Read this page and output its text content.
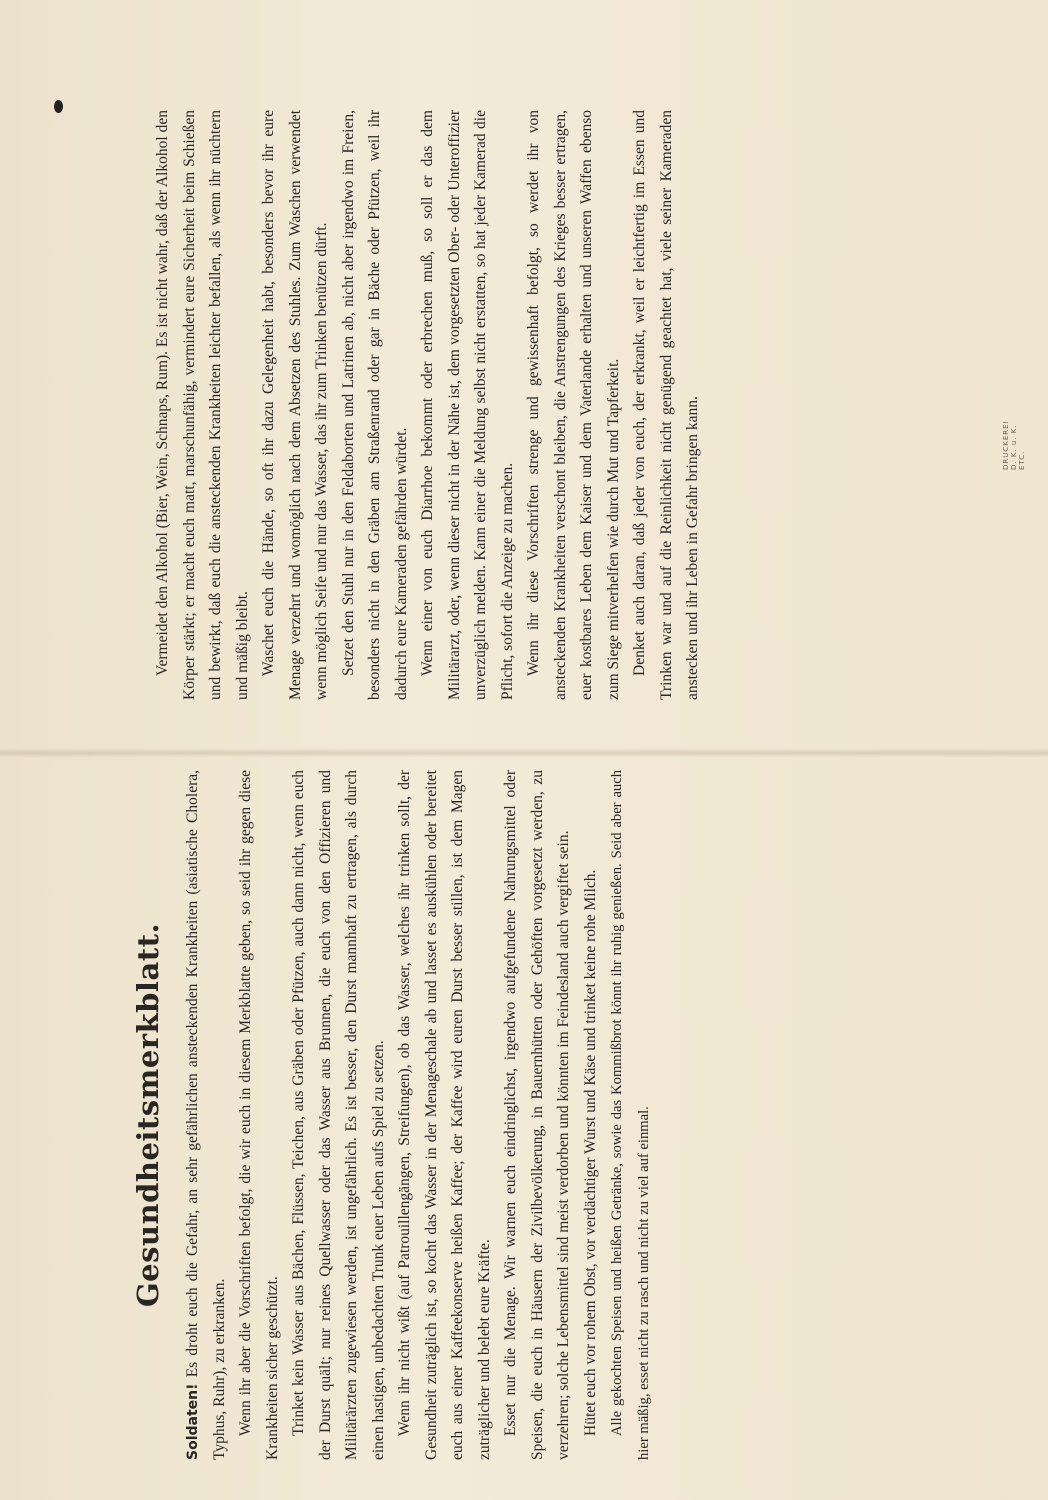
Vermeidet den Alkohol (Bier, Wein, Schnaps, Rum). Es ist nicht wahr, daß der Alkohol den Körper stärkt; er macht euch matt, marschunfähig, vermindert eure Sicherheit beim Schießen und bewirkt, daß euch die ansteckenden Krankheiten leichter befallen, als wenn ihr nüchtern und mäßig bleibt. Waschet euch die Hände, so oft ihr dazu Gelegenheit habt, besonders bevor ihr eure Menage verzehrt und womöglich nach dem Absetzen des Stuhles. Zum Waschen verwendet wenn möglich Seife und nur das Wasser, das ihr zum Trinken benützen dürft. Setzet den Stuhl nur in den Feldaborten und Latrinen ab, nicht aber irgendwo im Freien, besonders nicht in den Gräben am Straßenrand oder gar in Bäche oder Pfützen, weil ihr dadurch eure Kameraden gefährden würdet. Wenn einer von euch Diarrhoe bekommt oder erbrechen muß, so soll er das dem Militärarzt, oder, wenn dieser nicht in der Nähe ist, dem vorgesetzten Ober- oder Unteroffizier unverzüglich melden. Kann einer die Meldung selbst nicht erstatten, so hat jeder Kamerad die Pflicht, sofort die Anzeige zu machen. Wenn ihr diese Vorschriften strenge und gewissenhaft befolgt, so werdet ihr von ansteckenden Krankheiten verschont bleiben, die Anstrengungen des Krieges besser ertragen, euer kostbares Leben dem Kaiser und dem Vaterlande erhalten und unseren Waffen ebenso zum Siege mitverhelfen wie durch Mut und Tapferkeit. Denket auch daran, daß jeder von euch, der erkrankt, weil er leichtfertig im Essen und Trinken war und auf die Reinlichkeit nicht genügend geachtet hat, viele seiner Kameraden anstecken und ihr Leben in Gefahr bringen kann.

Gesundheitsmerkblatt.

Soldaten! Es droht euch die Gefahr, an sehr gefährlichen ansteckenden Krankheiten (asiatische Cholera, Typhus, Ruhr), zu erkranken. Wenn ihr aber die Vorschriften befolgt, die wir euch in diesem Merkblatte geben, so seid ihr gegen diese Krankheiten sicher geschützt. Trinket kein Wasser aus Bächen, Flüssen, Teichen, aus Gräben oder Pfützen, auch dann nicht, wenn euch der Durst quält; nur reines Quellwasser oder das Wasser aus Brunnen, die euch von den Offizieren und Militärärzten zugewiesen werden, ist ungefährlich. Es ist besser, den Durst mannhaft zu ertragen, als durch einen hastigen, unbedachten Trunk euer Leben aufs Spiel zu setzen. Wenn ihr nicht wißt (auf Patrouillengängen, Streifungen), ob das Wasser, welches ihr trinken sollt, der Gesundheit zuträglich ist, so kocht das Wasser in der Menageschale ab und lasset es auskühlen oder bereitet euch aus einer Kaffeekonserve heißen Kaffee; der Kaffee wird euren Durst besser stillen, ist dem Magen zuträglicher und belebt eure Kräfte. Esset nur die Menage. Wir warnen euch eindringlichst, irgendwo aufgefundene Nahrungsmittel oder Speisen, die euch in Häusern der Zivilbevölkerung, in Bauernhütten oder Gehöften vorgesetzt werden, zu verzehren; solche Lebensmittel sind meist verdorben und könnten im Feindesland auch vergiftet sein. Hütet euch vor rohem Obst, vor verdächtiger Wurst und Käse und trinket keine rohe Milch. Alle gekochten Speisen und heißen Getränke, sowie das Kommißbrot könnt ihr ruhig genießen. Seid aber auch hier mäßig, esset nicht zu rasch und nicht zu viel auf einmal.

DRUCKEREI D. K. u. K. ETC.
